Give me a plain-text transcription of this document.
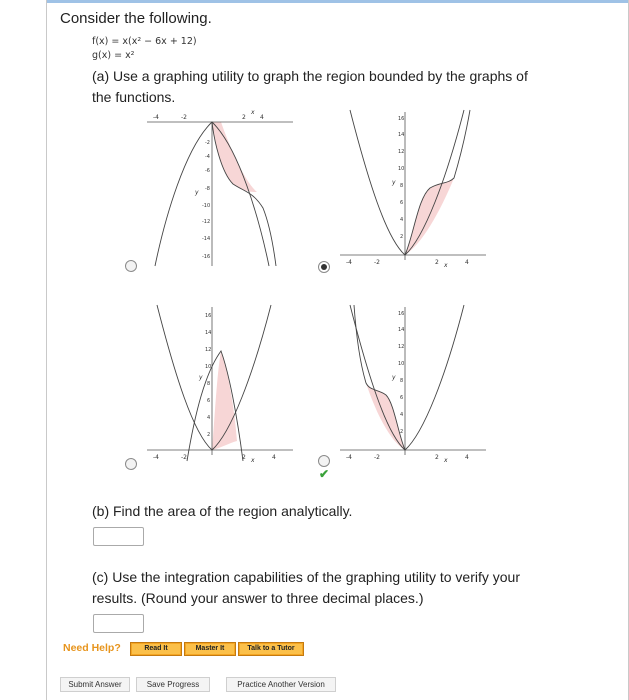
Consider the following.
f(x) = x(x² − 6x + 12)
g(x) = x²
(a) Use a graphing utility to graph the region bounded by the graphs of
the functions.
-4	-2	2 4
x
y
-2
-4
-6
-8
-10
-12
-14
-16
-4	-2	2	4
x
y
16
14
12
10
8
6
4
2
-4	-2	2	4
x
y
16
14
12
10
8
6
4
2
-4	-2	2	4
x
y
16
14
12
10
8
6
4
2
✔
(b) Find the area of the region analytically.
(c) Use the integration capabilities of the graphing utility to verify your
results. (Round your answer to three decimal places.)
Need Help?	Read It	Master It	Talk to a Tutor
Submit Answer	Save Progress	Practice Another Version
